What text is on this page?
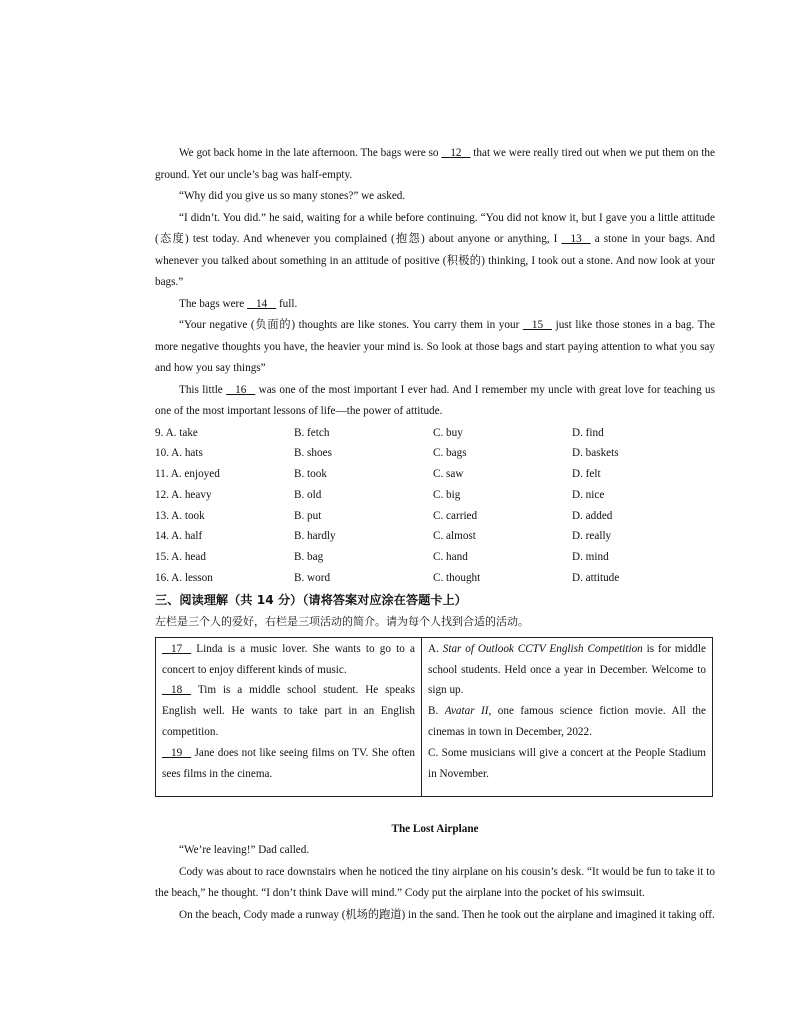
We got back home in the late afternoon. The bags were so     12     that we were really tired out when we put them on the ground. Yet our uncle’s bag was half-empty.

“Why did you give us so many stones?” we asked.

“I didn’t. You did.” he said, waiting for a while before continuing. “You did not know it, but I gave you a little attitude (态度) test today. And whenever you complained (抱怨) about anyone or anything, I     13     a stone in your bags. And whenever you talked about something in an attitude of positive (积极的) thinking, I took out a stone. And now look at your bags.”

The bags were     14     full.

“Your negative (负面的) thoughts are like stones. You carry them in your     15     just like those stones in a bag. The more negative thoughts you have, the heavier your mind is. So look at those bags and start paying attention to what you say and how you say things”

This little     16     was one of the most important I ever had. And I remember my uncle with great love for teaching us one of the most important lessons of life—the power of attitude.

9. A. take	B. fetch	C. buy	D. find
10. A. hats	B. shoes	C. bags	D. baskets
11. A. enjoyed	B. took	C. saw	D. felt
12. A. heavy	B. old	C. big	D. nice
13. A. took	B. put	C. carried	D. added
14. A. half	B. hardly	C. almost	D. really
15. A. head	B. bag	C. hand	D. mind
16. A. lesson	B. word	C. thought	D. attitude
三、阅读理解（共 14 分）（请将答案对应涂在答题卡上）
左栏是三个人的爱好，右栏是三项活动的简介。请为每个人找到合适的活动。

    17     Linda is a music lover. She wants to go to a concert to enjoy different kinds of music.

    18     Tim is a middle school student. He speaks English well. He wants to take part in an English competition.

    19     Jane does not like seeing films on TV. She often sees films in the cinema.

A. Star of Outlook CCTV English Competition is for middle school students. Held once a year in December. Welcome to sign up.

B. Avatar II, one famous science fiction movie. All the cinemas in town in December, 2022.

C. Some musicians will give a concert at the People Stadium in November.

The Lost Airplane

“We’re leaving!” Dad called.

Cody was about to race downstairs when he noticed the tiny airplane on his cousin’s desk. “It would be fun to take it to the beach,” he thought. “I don’t think Dave will mind.” Cody put the airplane into the pocket of his swimsuit.

On the beach, Cody made a runway (机场的跑道) in the sand. Then he took out the airplane and imagined it taking off.
